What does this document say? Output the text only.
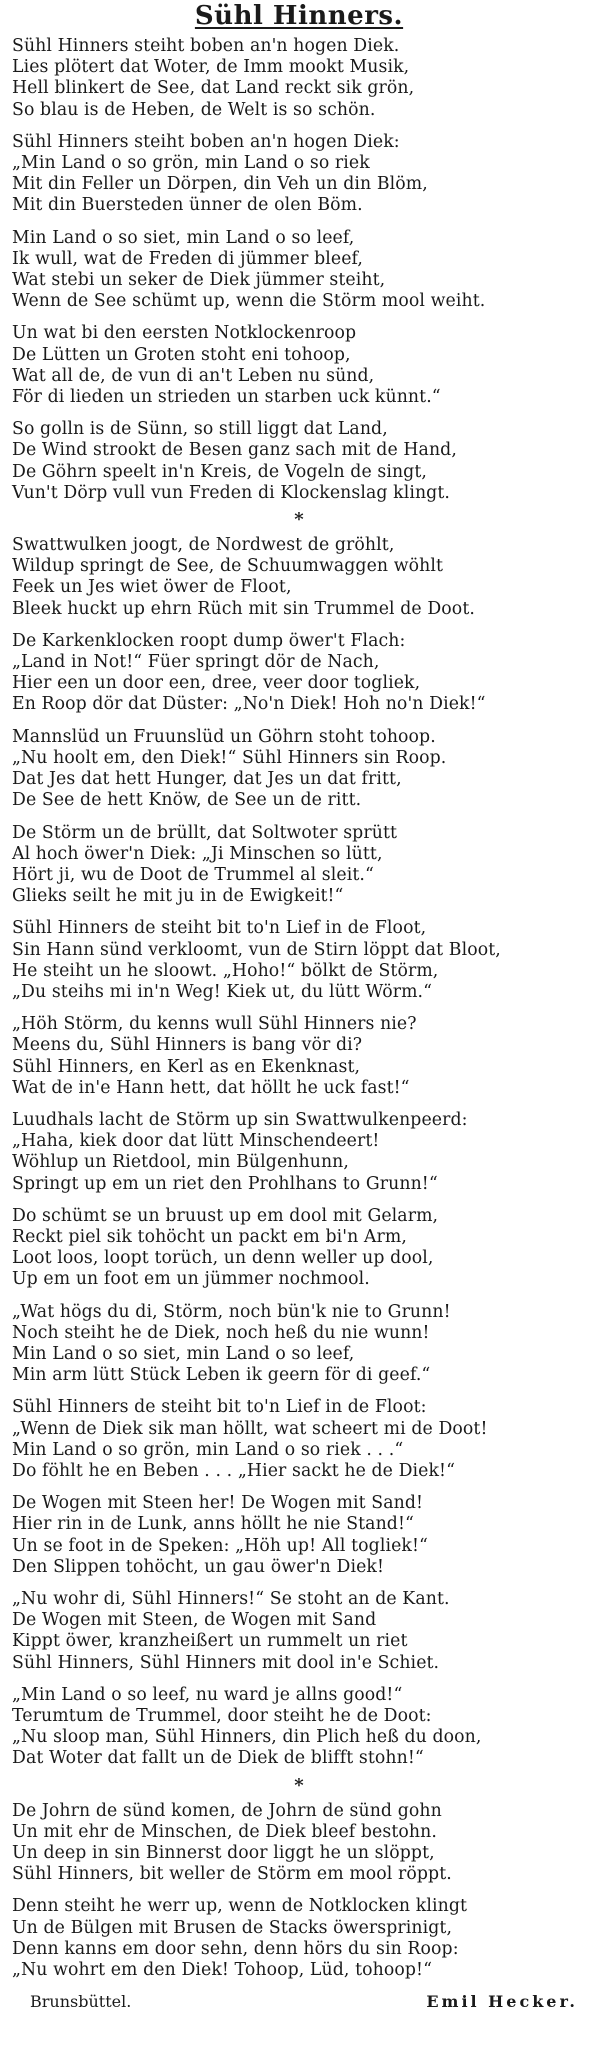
Sühl Hinners.
Sühl Hinners steiht boben an'n hogen Diek.
Lies plötert dat Woter, de Imm mookt Musik,
Hell blinkert de See, dat Land reckt sik grön,
So blau is de Heben, de Welt is so schön.
Sühl Hinners steiht boben an'n hogen Diek:
„Min Land o so grön, min Land o so riek
Mit din Feller un Dörpen, din Veh un din Blöm,
Mit din Buersteden ünner de olen Böm.
Min Land o so siet, min Land o so leef,
Ik wull, wat de Freden di jümmer bleef,
Wat stebi un seker de Diek jümmer steiht,
Wenn de See schümt up, wenn die Störm mool weiht.
Un wat bi den eersten Notklockenroop
De Lütten un Groten stoht eni tohoop,
Wat all de, de vun di an't Leben nu sünd,
För di lieden un strieden un starben uck künnt.“
So golln is de Sünn, so still liggt dat Land,
De Wind strookt de Besen ganz sach mit de Hand,
De Göhrn speelt in'n Kreis, de Vogeln de singt,
Vun't Dörp vull vun Freden di Klockenslag klingt.
*
Swattwulken joogt, de Nordwest de gröhlt,
Wildup springt de See, de Schuumwaggen wöhlt
Feek un Jes wiet öwer de Floot,
Bleek huckt up ehrn Rüch mit sin Trummel de Doot.
De Karkenklocken roopt dump öwer't Flach:
„Land in Not!“ Füer springt dör de Nach,
Hier een un door een, dree, veer door togliek,
En Roop dör dat Düster: „No'n Diek! Hoh no'n Diek!“
Mannslüd un Fruunslüd un Göhrn stoht tohoop.
„Nu hoolt em, den Diek!“ Sühl Hinners sin Roop.
Dat Jes dat hett Hunger, dat Jes un dat fritt,
De See de hett Knöw, de See un de ritt.
De Störm un de brüllt, dat Soltwoter sprütt
Al hoch öwer'n Diek: „Ji Minschen so lütt,
Hört ji, wu de Doot de Trummel al sleit.“
Glieks seilt he mit ju in de Ewigkeit!“
Sühl Hinners de steiht bit to'n Lief in de Floot,
Sin Hann sünd verkloomt, vun de Stirn löppt dat Bloot,
He steiht un he sloowt. „Hoho!“ bölkt de Störm,
„Du steihs mi in'n Weg! Kiek ut, du lütt Wörm.“
„Höh Störm, du kenns wull Sühl Hinners nie?
Meens du, Sühl Hinners is bang vör di?
Sühl Hinners, en Kerl as en Ekenknast,
Wat de in'e Hann hett, dat höllt he uck fast!“
Luudhals lacht de Störm up sin Swattwulkenpeerd:
„Haha, kiek door dat lütt Minschendeert!
Wöhlup un Rietdool, min Bülgenhunn,
Springt up em un riet den Prohlhans to Grunn!“
Do schümt se un bruust up em dool mit Gelarm,
Reckt piel sik tohöcht un packt em bi'n Arm,
Loot loos, loopt torüch, un denn weller up dool,
Up em un foot em un jümmer nochmool.
„Wat högs du di, Störm, noch bün'k nie to Grunn!
Noch steiht he de Diek, noch heß du nie wunn!
Min Land o so siet, min Land o so leef,
Min arm lütt Stück Leben ik geern för di geef.“
Sühl Hinners de steiht bit to'n Lief in de Floot:
„Wenn de Diek sik man höllt, wat scheert mi de Doot!
Min Land o so grön, min Land o so riek . . .“
Do föhlt he en Beben . . . „Hier sackt he de Diek!“
De Wogen mit Steen her! De Wogen mit Sand!
Hier rin in de Lunk, anns höllt he nie Stand!“
Un se foot in de Speken: „Höh up! All togliek!“
Den Slippen tohöcht, un gau öwer'n Diek!
„Nu wohr di, Sühl Hinners!“ Se stoht an de Kant.
De Wogen mit Steen, de Wogen mit Sand
Kippt öwer, kranzheißert un rummelt un riet
Sühl Hinners, Sühl Hinners mit dool in'e Schiet.
„Min Land o so leef, nu ward je allns good!“
Terumtum de Trummel, door steiht he de Doot:
„Nu sloop man, Sühl Hinners, din Plich heß du doon,
Dat Woter dat fallt un de Diek de blifft stohn!“
*
De Johrn de sünd komen, de Johrn de sünd gohn
Un mit ehr de Minschen, de Diek bleef bestohn.
Un deep in sin Binnerst door liggt he un slöppt,
Sühl Hinners, bit weller de Störm em mool röppt.
Denn steiht he werr up, wenn de Notklocken klingt
Un de Bülgen mit Brusen de Stacks öwersprinigt,
Denn kanns em door sehn, denn hörs du sin Roop:
„Nu wohrt em den Diek! Tohoop, Lüd, tohoop!“
Brunsbüttel.	Emil Hecker.
